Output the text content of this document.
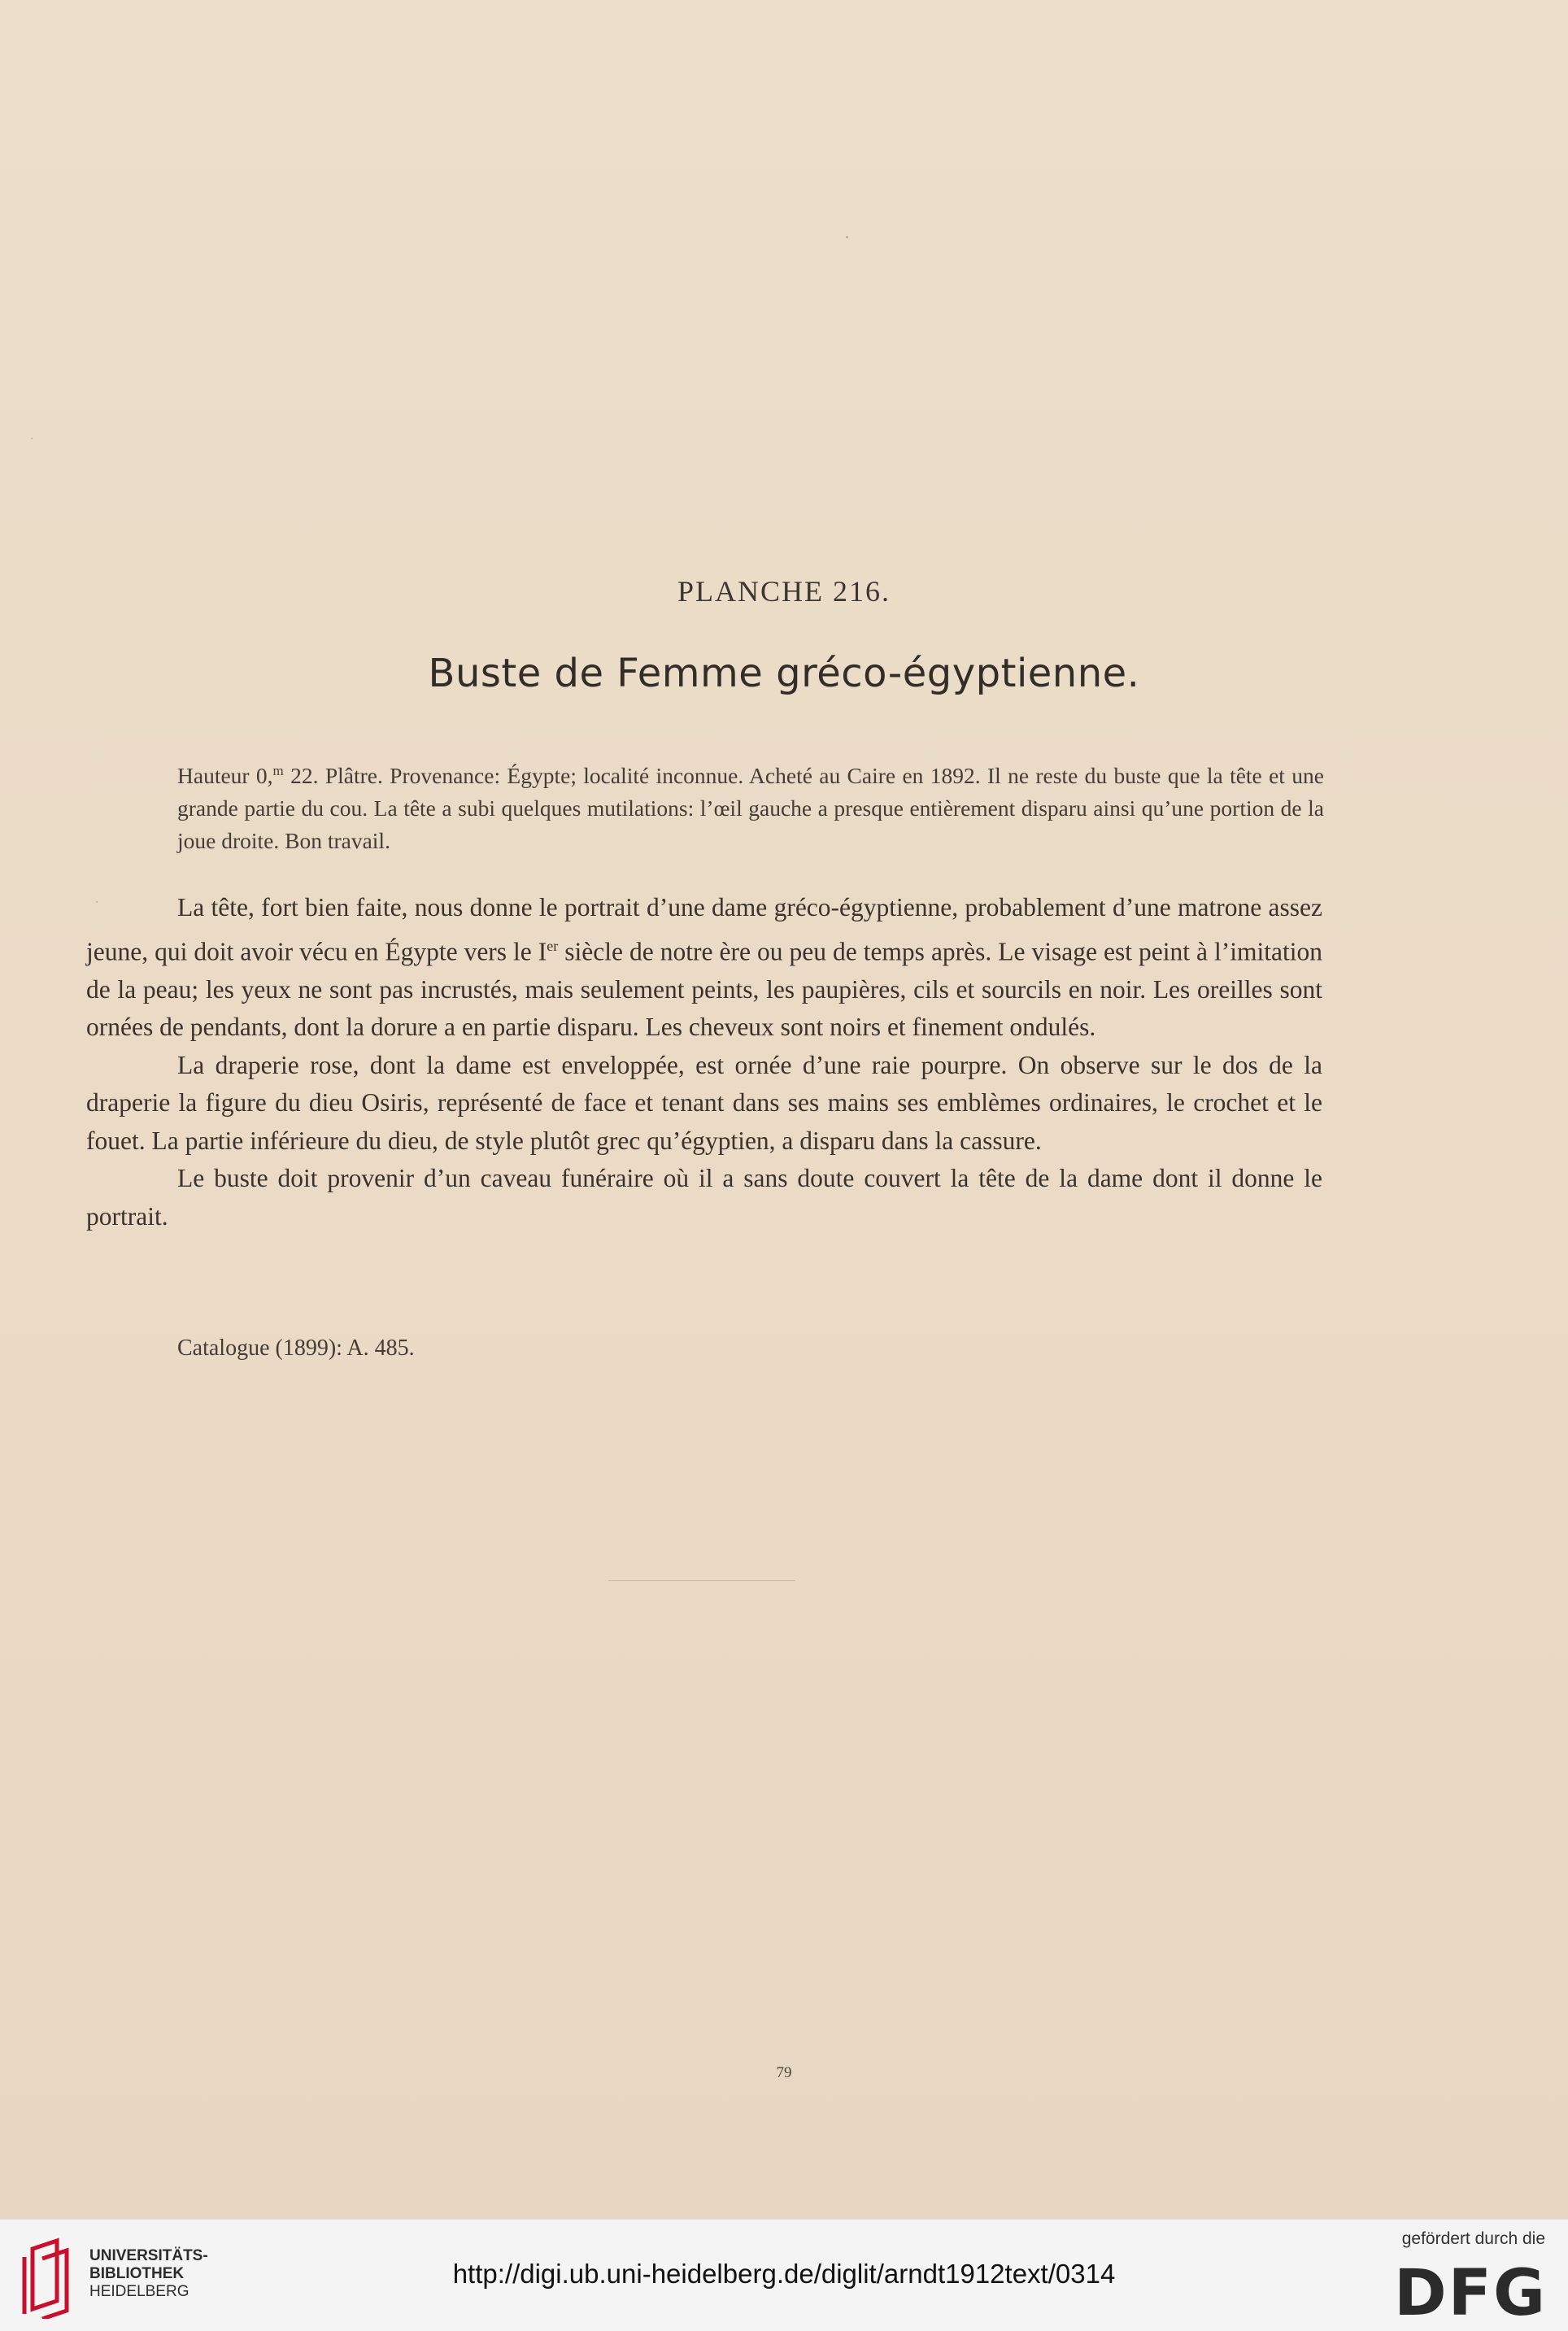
PLANCHE 216.
Buste de Femme gréco-égyptienne.
Hauteur 0,$^m$ 22. Plâtre. Provenance: Égypte; localité inconnue. Acheté au Caire en 1892. Il ne reste du buste que la tête et une grande partie du cou. La tête a subi quelques mutilations: l’œil gauche a presque entièrement disparu ainsi qu’une portion de la joue droite. Bon travail.

La tête, fort bien faite, nous donne le portrait d’une dame gréco-égyptienne, probablement d’une matrone assez jeune, qui doit avoir vécu en Égypte vers le Ier siècle de notre ère ou peu de temps après. Le visage est peint à l’imitation de la peau; les yeux ne sont pas incrustés, mais seulement peints, les paupières, cils et sourcils en noir. Les oreilles sont ornées de pendants, dont la dorure a en partie disparu. Les cheveux sont noirs et finement ondulés.

La draperie rose, dont la dame est enveloppée, est ornée d’une raie pourpre. On observe sur le dos de la draperie la figure du dieu Osiris, représenté de face et tenant dans ses mains ses emblèmes ordinaires, le crochet et le fouet. La partie inférieure du dieu, de style plutôt grec qu’égyptien, a disparu dans la cassure.

Le buste doit provenir d’un caveau funéraire où il a sans doute couvert la tête de la dame dont il donne le portrait.

Catalogue (1899): A. 485.
79
UNIVERSITÄTS-
BIBLIOTHEK
HEIDELBERG
http://digi.ub.uni-heidelberg.de/diglit/arndt1912text/0314
gefördert durch die
DFG
